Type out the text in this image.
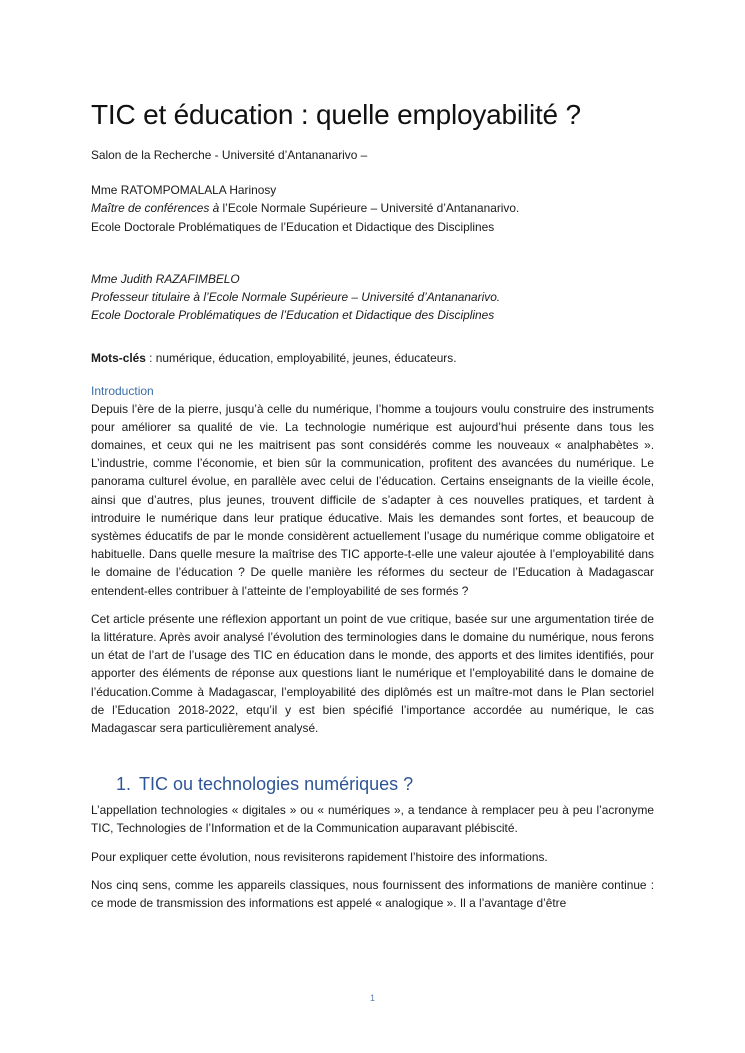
TIC et éducation : quelle employabilité ?

Salon de la Recherche - Université d’Antananarivo –

Mme RATOMPOMALALA Harinosy

Maître de conférences à l’Ecole Normale Supérieure – Université d’Antananarivo.

Ecole Doctorale Problématiques de l’Education et Didactique des Disciplines

Mme Judith RAZAFIMBELO

Professeur titulaire à l’Ecole Normale Supérieure – Université d’Antananarivo.

Ecole Doctorale Problématiques de l’Education et Didactique des Disciplines

Mots-clés : numérique, éducation, employabilité, jeunes, éducateurs.

Introduction

Depuis l’ère de la pierre, jusqu’à celle du numérique, l’homme a toujours voulu construire des instruments pour améliorer sa qualité de vie. La technologie numérique est aujourd’hui présente dans tous les domaines, et ceux qui ne les maitrisent pas sont considérés comme les nouveaux « analphabètes ». L’industrie, comme l’économie, et bien sûr la communication, profitent des avancées du numérique. Le panorama culturel évolue, en parallèle avec celui de l’éducation. Certains enseignants de la vieille école, ainsi que d’autres, plus jeunes, trouvent difficile de s’adapter à ces nouvelles pratiques, et tardent à introduire le numérique dans leur pratique éducative. Mais les demandes sont fortes, et beaucoup de systèmes éducatifs de par le monde considèrent actuellement l’usage du numérique comme obligatoire et habituelle. Dans quelle mesure la maîtrise des TIC apporte-t-elle une valeur ajoutée à l’employabilité dans le domaine de l’éducation ? De quelle manière les réformes du secteur de l’Education à Madagascar entendent-elles contribuer à l’atteinte de l’employabilité de ses formés ?

Cet article présente une réflexion apportant un point de vue critique, basée sur une argumentation tirée de la littérature. Après avoir analysé l’évolution des terminologies dans le domaine du numérique, nous ferons un état de l’art de l’usage des TIC en éducation dans le monde, des apports et des limites identifiés, pour apporter des éléments de réponse aux questions liant le numérique et l’employabilité dans le domaine de l’éducation.Comme à Madagascar, l’employabilité des diplômés est un maître-mot dans le Plan sectoriel de l’Education 2018-2022, etqu’il y est bien spécifié l’importance accordée au numérique, le cas Madagascar sera particulièrement analysé.

1. TIC ou technologies numériques ?

L’appellation technologies « digitales » ou « numériques », a tendance à remplacer peu à peu l’acronyme TIC, Technologies de l’Information et de la Communication auparavant plébiscité.

Pour expliquer cette évolution, nous revisiterons rapidement l’histoire des informations.

Nos cinq sens, comme les appareils classiques, nous fournissent des informations de manière continue : ce mode de transmission des informations est appelé « analogique ». Il a l’avantage d’être

1
